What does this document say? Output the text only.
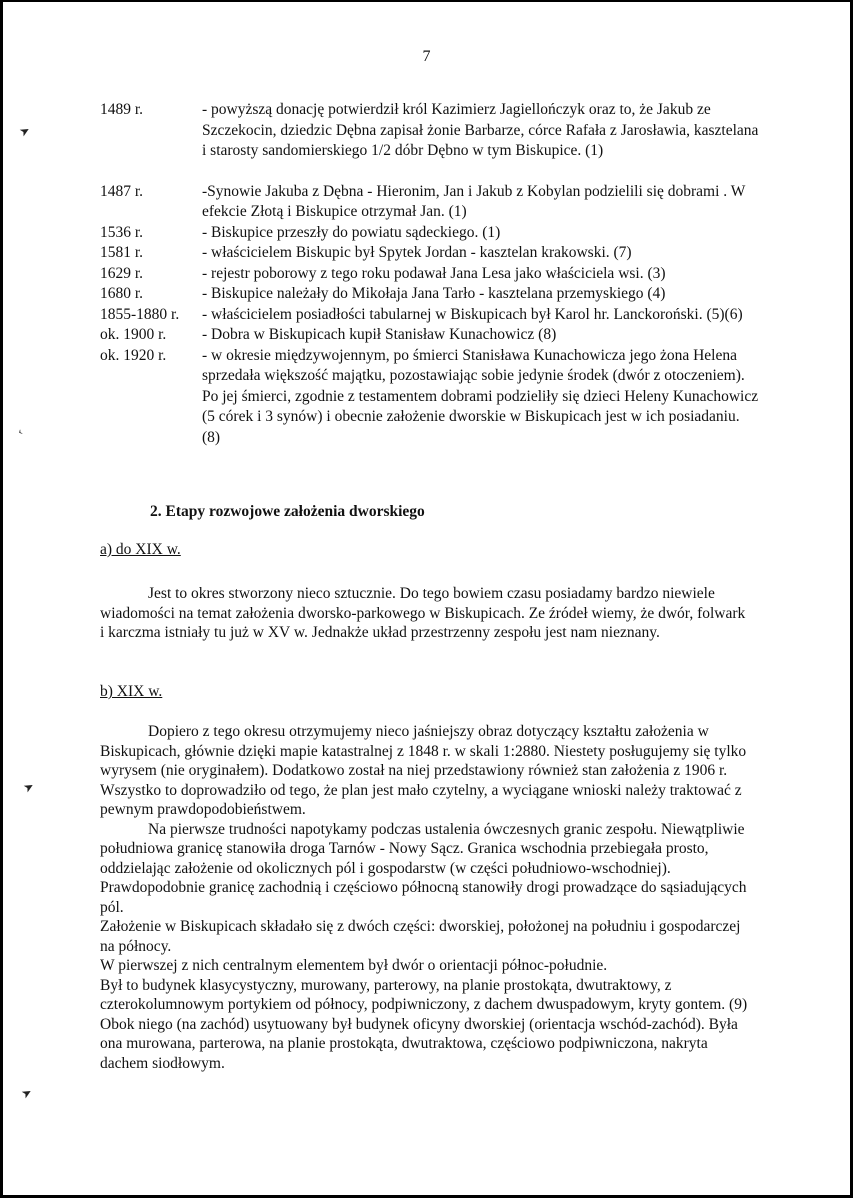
7
➤
‹
➤
➤
1489 r.	- powyższą donację potwierdził król Kazimierz Jagiellończyk oraz to, że Jakub ze Szczekocin, dziedzic Dębna zapisał żonie Barbarze, córce Rafała z Jarosławia, kasztelana i starosty sandomierskiego 1/2 dóbr Dębno w tym Biskupice. (1)
1487 r.	-Synowie Jakuba z Dębna - Hieronim, Jan i Jakub z Kobylan podzielili się dobrami . W efekcie Złotą i Biskupice otrzymał Jan. (1)
1536 r.	- Biskupice przeszły do powiatu sądeckiego. (1)
1581 r.	- właścicielem Biskupic był Spytek Jordan - kasztelan krakowski. (7)
1629 r.	- rejestr poborowy z tego roku podawał Jana Lesa jako właściciela wsi. (3)
1680 r.	- Biskupice należały do Mikołaja Jana Tarło - kasztelana przemyskiego (4)
1855-1880 r.	- właścicielem posiadłości tabularnej w Biskupicach był Karol hr. Lanckoroński. (5)(6)
ok. 1900 r.	- Dobra w Biskupicach kupił Stanisław Kunachowicz (8)
ok. 1920 r.	- w okresie międzywojennym, po śmierci Stanisława Kunachowicza jego żona Helena sprzedała większość majątku, pozostawiając sobie jedynie środek (dwór z otoczeniem). Po jej śmierci, zgodnie z testamentem dobrami podzieliły się dzieci Heleny Kunachowicz (5 córek i 3 synów) i obecnie założenie dworskie w Biskupicach jest w ich posiadaniu. (8)
2. Etapy rozwojowe założenia dworskiego
a) do XIX w.

Jest to okres stworzony nieco sztucznie. Do tego bowiem czasu posiadamy bardzo niewiele wiadomości na temat założenia dworsko-parkowego w Biskupicach. Ze źródeł wiemy, że dwór, folwark i karczma istniały tu już w XV w. Jednakże układ przestrzenny zespołu jest nam nieznany.

b) XIX w.

Dopiero z tego okresu otrzymujemy nieco jaśniejszy obraz dotyczący kształtu założenia w Biskupicach, głównie dzięki mapie katastralnej z 1848 r. w skali 1:2880. Niestety posługujemy się tylko wyrysem (nie oryginałem). Dodatkowo został na niej przedstawiony również stan założenia z 1906 r. Wszystko to doprowadziło od tego, że plan jest mało czytelny, a wyciągane wnioski należy traktować z pewnym prawdopodobieństwem.

Na pierwsze trudności napotykamy podczas ustalenia ówczesnych granic zespołu. Niewątpliwie południowa granicę stanowiła droga Tarnów - Nowy Sącz. Granica wschodnia przebiegała prosto, oddzielając założenie od okolicznych pól i gospodarstw (w części południowo-wschodniej). Prawdopodobnie granicę zachodnią i częściowo północną stanowiły drogi prowadzące do sąsiadujących pól.

Założenie w Biskupicach składało się z dwóch części: dworskiej, położonej na południu i gospodarczej na północy.

W pierwszej z nich centralnym elementem był dwór o orientacji północ-południe.

Był to budynek klasycystyczny, murowany, parterowy, na planie prostokąta, dwutraktowy, z czterokolumnowym portykiem od północy, podpiwniczony, z dachem dwuspadowym, kryty gontem. (9)

Obok niego (na zachód) usytuowany był budynek oficyny dworskiej (orientacja wschód-zachód). Była ona murowana, parterowa, na planie prostokąta, dwutraktowa, częściowo podpiwniczona, nakryta dachem siodłowym.
